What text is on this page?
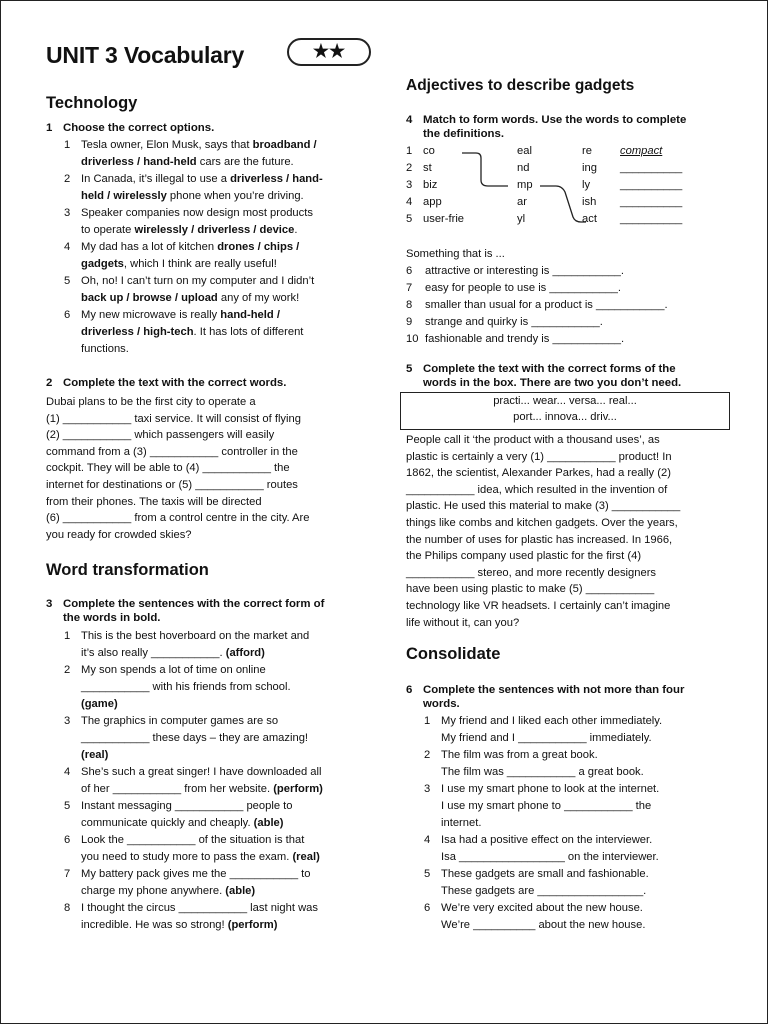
UNIT 3 Vocabulary	★★
Technology
1 Choose the correct options.
1 Tesla owner, Elon Musk, says that broadband /
driverless / hand-held cars are the future.
2 In Canada, it’s illegal to use a driverless / hand-
held / wirelessly phone when you’re driving.
3 Speaker companies now design most products
to operate wirelessly / driverless / device.
4 My dad has a lot of kitchen drones / chips /
gadgets, which I think are really useful!
5 Oh, no! I can’t turn on my computer and I didn’t
back up / browse / upload any of my work!
6 My new microwave is really hand-held /
driverless / high-tech. It has lots of different
functions.
2 Complete the text with the correct words.
Dubai plans to be the first city to operate a
(1) ___________ taxi service. It will consist of flying
(2) ___________ which passengers will easily
command from a (3) ___________ controller in the
cockpit. They will be able to (4) ___________ the
internet for destinations or (5) ___________ routes
from their phones. The taxis will be directed
(6) ___________ from a control centre in the city. Are
you ready for crowded skies?
Word transformation
3 Complete the sentences with the correct form of
the words in bold.
1 This is the best hoverboard on the market and
it’s also really ___________. (afford)
2 My son spends a lot of time on online
___________ with his friends from school.
(game)
3 The graphics in computer games are so
___________ these days – they are amazing!
(real)
4 She’s such a great singer! I have downloaded all
of her ___________ from her website. (perform)
5 Instant messaging ___________ people to
communicate quickly and cheaply. (able)
6 Look the ___________ of the situation is that
you need to study more to pass the exam. (real)
7 My battery pack gives me the ___________ to
charge my phone anywhere. (able)
8 I thought the circus ___________ last night was
incredible. He was so strong! (perform)
Adjectives to describe gadgets
4 Match to form words. Use the words to complete
the definitions.
1 co	eal	re	compact
2 st	nd	ing __________
3 biz	mp	ly	__________
4 app	ar	ish __________
5 user-frie	yl	act __________
Something that is ...
6 attractive or interesting is ___________.
7 easy for people to use is ___________.
8 smaller than usual for a product is ___________.
9 strange and quirky is ___________.
10 fashionable and trendy is ___________.
5 Complete the text with the correct forms of the
words in the box. There are two you don’t need.
practi... wear... versa... real...
port... innova... driv...
People call it ‘the product with a thousand uses’, as
plastic is certainly a very (1) ___________ product! In
1862, the scientist, Alexander Parkes, had a really (2)
___________ idea, which resulted in the invention of
plastic. He used this material to make (3) ___________
things like combs and kitchen gadgets. Over the years,
the number of uses for plastic has increased. In 1966,
the Philips company used plastic for the first (4)
___________ stereo, and more recently designers
have been using plastic to make (5) ___________
technology like VR headsets. I certainly can’t imagine
life without it, can you?
Consolidate
6 Complete the sentences with not more than four
words.
1 My friend and I liked each other immediately.
My friend and I ___________ immediately.
2 The film was from a great book.
The film was ___________ a great book.
3 I use my smart phone to look at the internet.
I use my smart phone to ___________ the
internet.
4 Isa had a positive effect on the interviewer.
Isa _________________ on the interviewer.
5 These gadgets are small and fashionable.
These gadgets are _________________.
6 We’re very excited about the new house.
We’re __________ about the new house.
